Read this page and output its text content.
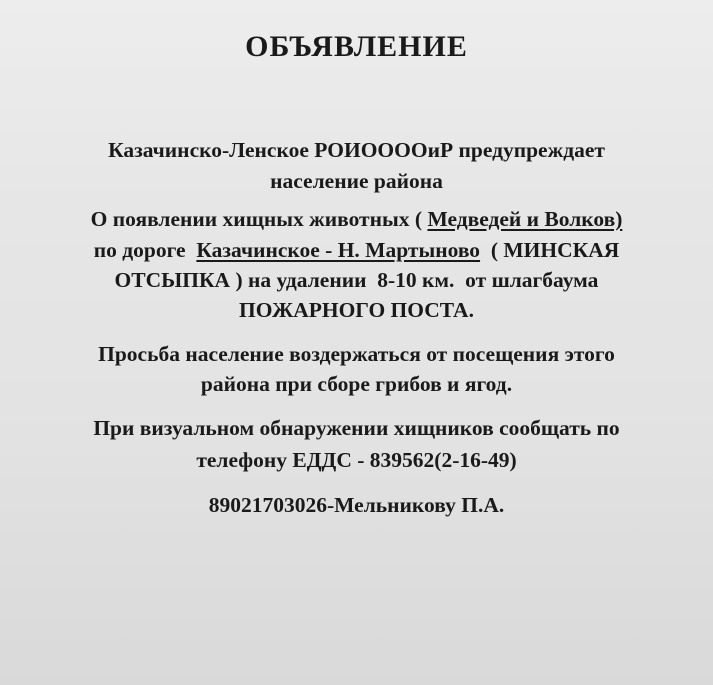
ОБЪЯВЛЕНИЕ
Казачинско-Ленское РОИООООиР предупреждает
население района
О появлении хищных животных ( Медведей и Волков)
по дороге  Казачинское - Н. Мартыново  ( МИНСКАЯ
ОТСЫПКА ) на удалении  8-10 км.  от шлагбаума
ПОЖАРНОГО ПОСТА.
Просьба население воздержаться от посещения этого
района при сборе грибов и ягод.
При визуальном обнаружении хищников сообщать по
телефону ЕДДС - 839562(2-16-49)
89021703026-Мельникову П.А.
